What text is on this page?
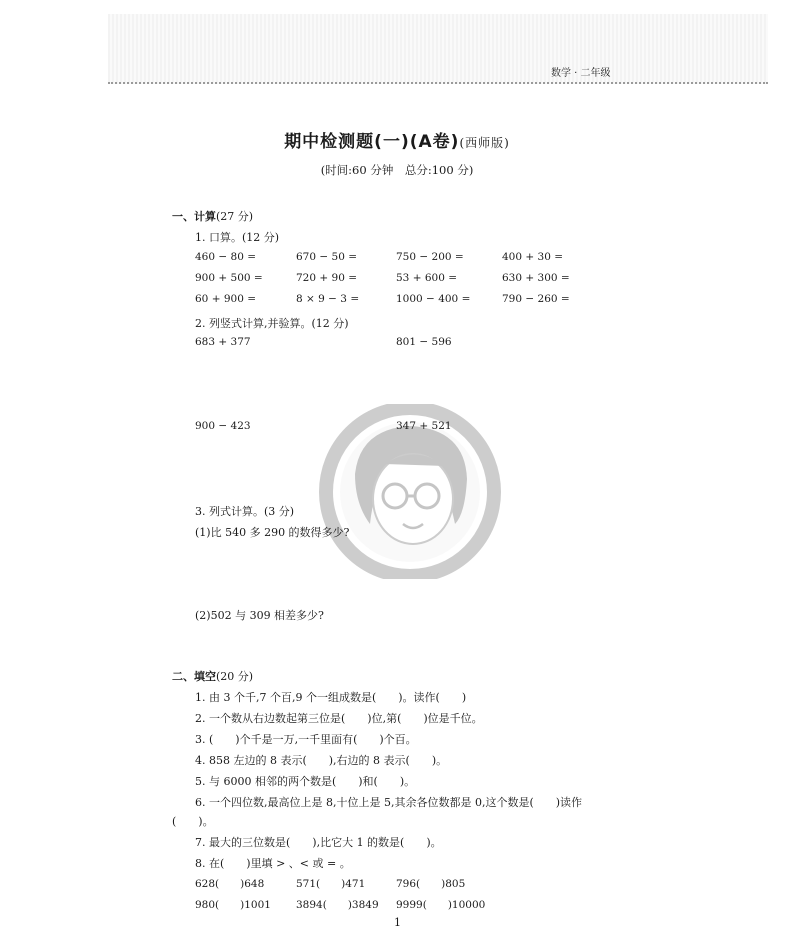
数学 · 二年级
期中检测题(一)(A卷)(西师版)
(时间:60 分钟　总分:100 分)
一、计算(27 分)
1. 口算。(12 分)
460 − 80 =	670 − 50 =	750 − 200 =	400 + 30 =
900 + 500 =	720 + 90 =	53 + 600 =	630 + 300 =
60 + 900 =	8 × 9 − 3 =	1000 − 400 =	790 − 260 =
2. 列竖式计算,并验算。(12 分)
683 + 377	801 − 596
900 − 423	347 + 521
3. 列式计算。(3 分)
(1)比 540 多 290 的数得多少?
(2)502 与 309 相差多少?
二、填空(20 分)
1. 由 3 个千,7 个百,9 个一组成数是(　　)。读作(　　)
2. 一个数从右边数起第三位是(　　)位,第(　　)位是千位。
3. (　　)个千是一万,一千里面有(　　)个百。
4. 858 左边的 8 表示(　　),右边的 8 表示(　　)。
5. 与 6000 相邻的两个数是(　　)和(　　)。
6. 一个四位数,最高位上是 8,十位上是 5,其余各位数都是 0,这个数是(　　)读作
(　　)。
7. 最大的三位数是(　　),比它大 1 的数是(　　)。
8. 在(　　)里填 > 、< 或 = 。
628(　　)648	571(　　)471	796(　　)805
980(　　)1001 3894(　　)3849 9999(　　)10000
1
